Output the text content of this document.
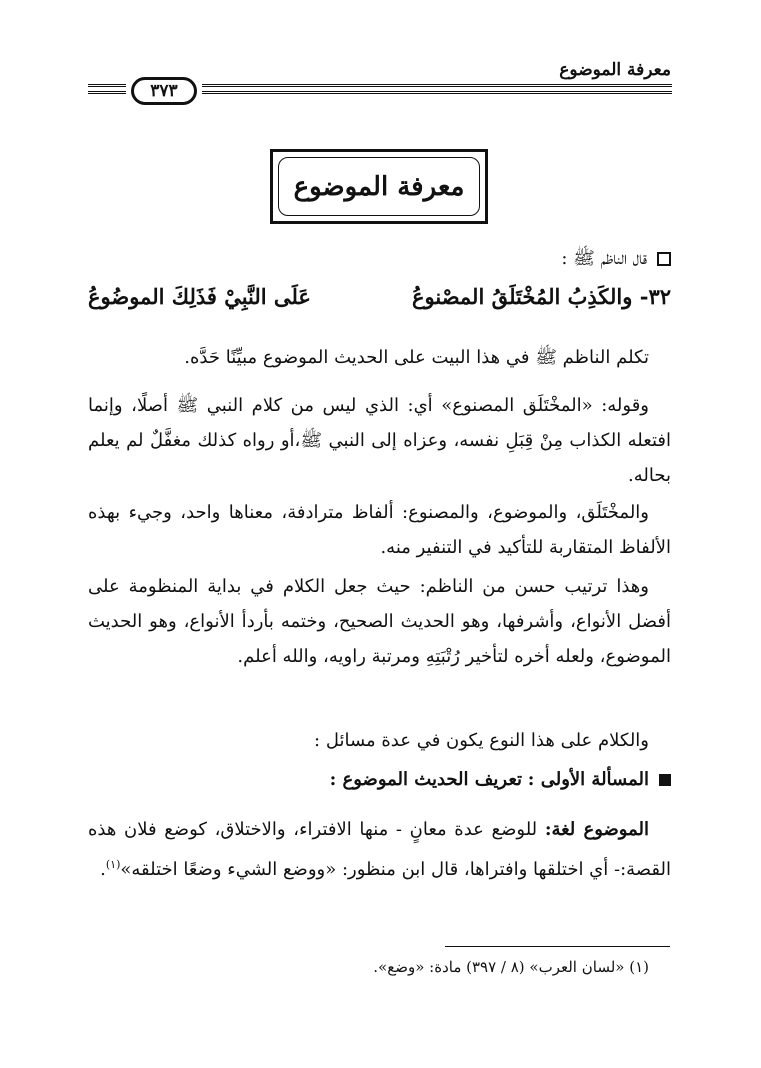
معرفة الموضوع
٣٧٣
معرفة الموضوع
قال الناظم ﷺ :
٣٢- والكَذِبُ المُخْتَلَقُ المصْنوعُ
عَلَى النَّبِيْ فَذَلِكَ الموضُوعُ
تكلم الناظم ﷺ في هذا البيت على الحديث الموضوع مبيِّنًا حَدَّه.
وقوله: «المخْتَلَق المصنوع» أي: الذي ليس من كلام النبي ﷺ أصلًا، وإنما افتعله الكذاب مِنْ قِبَلِ نفسه، وعزاه إلى النبي ﷺ،أو رواه كذلك مغفَّلٌ لم يعلم بحاله.
والمخْتَلَق، والموضوع، والمصنوع: ألفاظ مترادفة، معناها واحد، وجيء بهذه الألفاظ المتقاربة للتأكيد في التنفير منه.
وهذا ترتيب حسن من الناظم: حيث جعل الكلام في بداية المنظومة على أفضل الأنواع، وأشرفها، وهو الحديث الصحيح، وختمه بأردأ الأنواع، وهو الحديث الموضوع، ولعله أخره لتأخير رُتْبَتِهِ ومرتبة راويه، والله أعلم.
والكلام على هذا النوع يكون في عدة مسائل :
المسألة الأولى : تعريف الحديث الموضوع :
الموضوع لغة: للوضع عدة معانٍ - منها الافتراء، والاختلاق، كوضع فلان هذه القصة:- أي اختلقها وافتراها، قال ابن منظور: «ووضع الشيء وضعًا اختلقه»$^{(١)}$.
(١) «لسان العرب» (٨ / ٣٩٧) مادة: «وضع».
